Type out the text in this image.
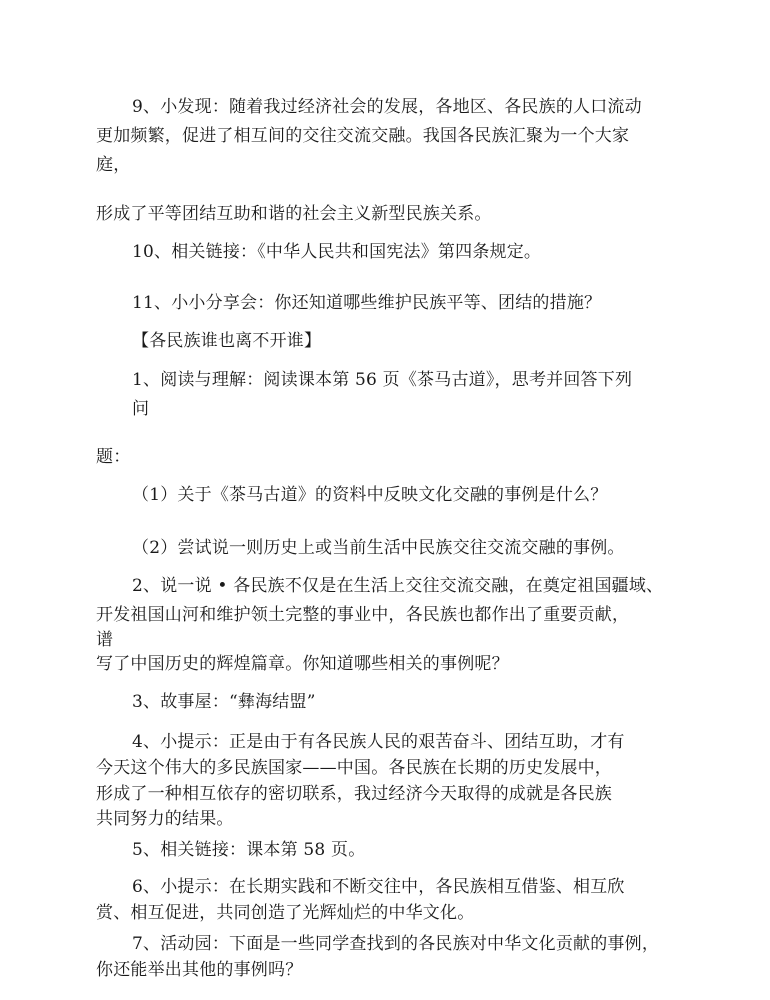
9、小发现：随着我过经济社会的发展，各地区、各民族的人口流动
更加频繁，促进了相互间的交往交流交融。我国各民族汇聚为一个大家
庭，
形成了平等团结互助和谐的社会主义新型民族关系。
10、相关链接：《中华人民共和国宪法》第四条规定。
11、小小分享会：你还知道哪些维护民族平等、团结的措施？
【各民族谁也离不开谁】
1、阅读与理解：阅读课本第 56 页《茶马古道》，思考并回答下列
问
题：
（1）关于《茶马古道》的资料中反映文化交融的事例是什么？
（2）尝试说一则历史上或当前生活中民族交往交流交融的事例。
2、说一说 • 各民族不仅是在生活上交往交流交融，在奠定祖国疆域、
开发祖国山河和维护领土完整的事业中，各民族也都作出了重要贡献，
谱
写了中国历史的辉煌篇章。你知道哪些相关的事例呢？
3、故事屋：“彝海结盟”
4、小提示：正是由于有各民族人民的艰苦奋斗、团结互助，才有
今天这个伟大的多民族国家——中国。各民族在长期的历史发展中，
形成了一种相互依存的密切联系，我过经济今天取得的成就是各民族
共同努力的结果。
5、相关链接：课本第 58 页。
6、小提示：在长期实践和不断交往中，各民族相互借鉴、相互欣
赏、相互促进，共同创造了光辉灿烂的中华文化。
7、活动园：下面是一些同学查找到的各民族对中华文化贡献的事例，
你还能举出其他的事例吗？
